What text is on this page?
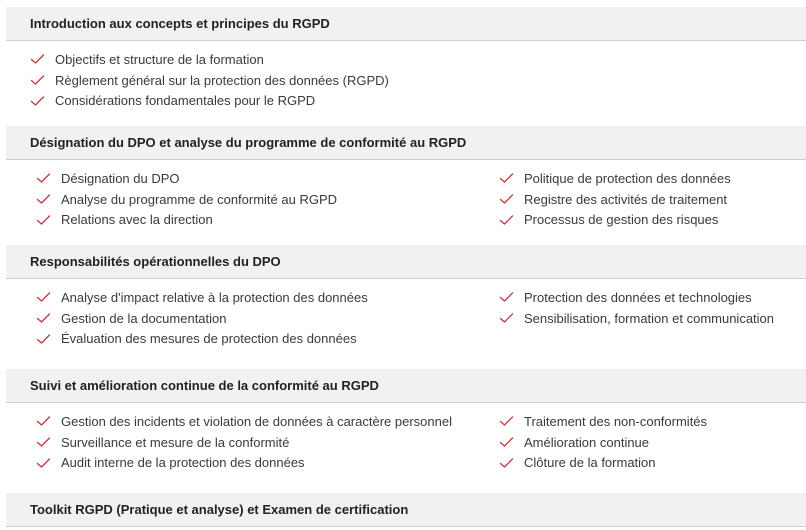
Introduction aux concepts et principes du RGPD
Objectifs et structure de la formation
Règlement général sur la protection des données (RGPD)
Considérations fondamentales pour le RGPD
Désignation du DPO et analyse du programme de conformité au RGPD
Désignation du DPO
Analyse du programme de conformité au RGPD
Relations avec la direction
Politique de protection des données
Registre des activités de traitement
Processus de gestion des risques
Responsabilités opérationnelles du DPO
Analyse d'impact relative à la protection des données
Gestion de la documentation
Évaluation des mesures de protection des données
Protection des données et technologies
Sensibilisation, formation et communication
Suivi et amélioration continue de la conformité au RGPD
Gestion des incidents et violation de données à caractère personnel
Surveillance et mesure de la conformité
Audit interne de la protection des données
Traitement des non-conformités
Amélioration continue
Clôture de la formation
Toolkit RGPD (Pratique et analyse) et Examen de certification
